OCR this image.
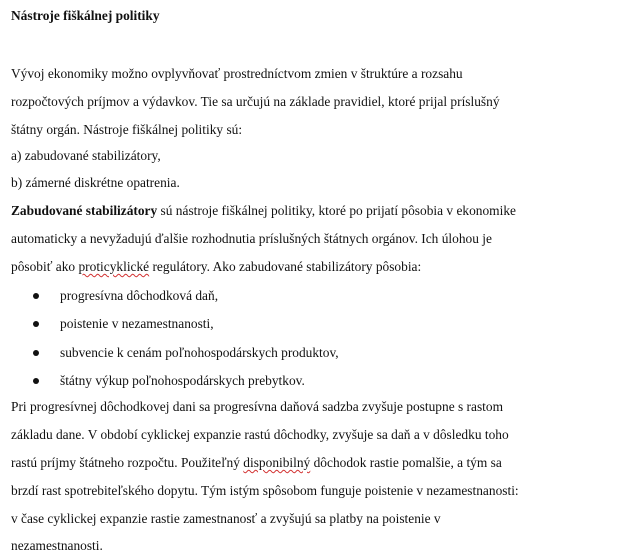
Nástroje fiškálnej politiky
Vývoj ekonomiky možno ovplyvňovať prostredníctvom zmien v štruktúre a rozsahu
rozpočtových príjmov a výdavkov. Tie sa určujú na základe pravidiel, ktoré prijal príslušný
štátny orgán. Nástroje fiškálnej politiky sú:
a) zabudované stabilizátory,
b) zámerné diskrétne opatrenia.
Zabudované stabilizátory sú nástroje fiškálnej politiky, ktoré po prijatí pôsobia v ekonomike
automaticky a nevyžadujú ďalšie rozhodnutia príslušných štátnych orgánov. Ich úlohou je
pôsobiť ako proticyklické regulátory. Ako zabudované stabilizátory pôsobia:
progresívna dôchodková daň,
poistenie v nezamestnanosti,
subvencie k cenám poľnohospodárskych produktov,
štátny výkup poľnohospodárskych prebytkov.
Pri progresívnej dôchodkovej dani sa progresívna daňová sadzba zvyšuje postupne s rastom
základu dane. V období cyklickej expanzie rastú dôchodky, zvyšuje sa daň a v dôsledku toho
rastú príjmy štátneho rozpočtu. Použiteľný disponibilný dôchodok rastie pomalšie, a tým sa
brzdí rast spotrebiteľského dopytu. Tým istým spôsobom funguje poistenie v nezamestnanosti:
v čase cyklickej expanzie rastie zamestnanosť a zvyšujú sa platby na poistenie v
nezamestnanosti.
